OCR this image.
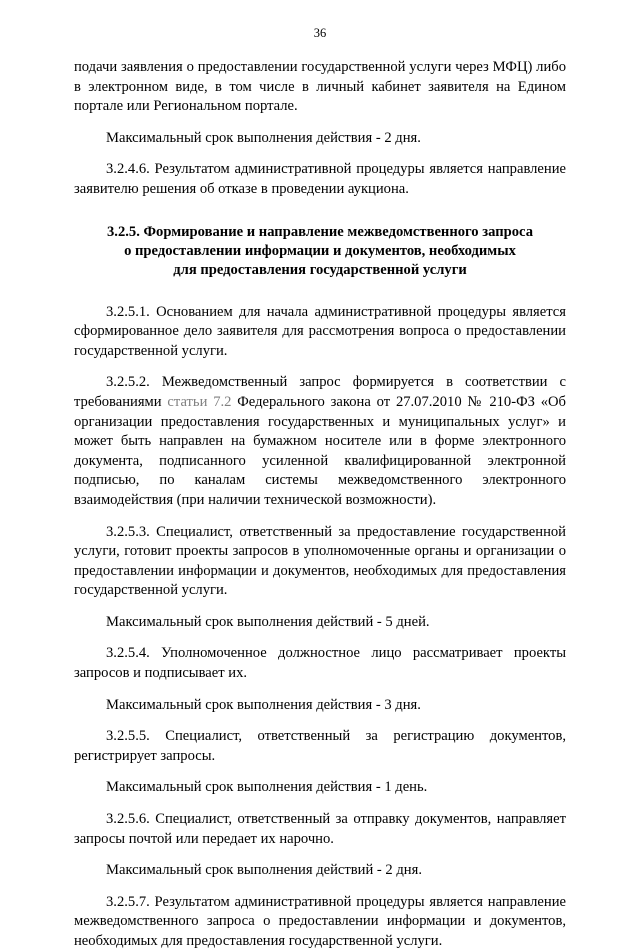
36

подачи заявления о предоставлении государственной услуги через МФЦ) либо в электронном виде, в том числе в личный кабинет заявителя на Едином портале или Региональном портале.

Максимальный срок выполнения действия - 2 дня.

3.2.4.6. Результатом административной процедуры является направление заявителю решения об отказе в проведении аукциона.

3.2.5. Формирование и направление межведомственного запроса
о предоставлении информации и документов, необходимых
для предоставления государственной услуги

3.2.5.1. Основанием для начала административной процедуры является сформированное дело заявителя для рассмотрения вопроса о предоставлении государственной услуги.

3.2.5.2. Межведомственный запрос формируется в соответствии с требованиями статьи 7.2 Федерального закона от 27.07.2010 № 210-ФЗ «Об организации предоставления государственных и муниципальных услуг» и может быть направлен на бумажном носителе или в форме электронного документа, подписанного усиленной квалифицированной электронной подписью, по каналам системы межведомственного электронного взаимодействия (при наличии технической возможности).

3.2.5.3. Специалист, ответственный за предоставление государственной услуги, готовит проекты запросов в уполномоченные органы и организации о предоставлении информации и документов, необходимых для предоставления государственной услуги.

Максимальный срок выполнения действий - 5 дней.

3.2.5.4. Уполномоченное должностное лицо рассматривает проекты запросов и подписывает их.

Максимальный срок выполнения действия - 3 дня.

3.2.5.5. Специалист, ответственный за регистрацию документов, регистрирует запросы.

Максимальный срок выполнения действия - 1 день.

3.2.5.6. Специалист, ответственный за отправку документов, направляет запросы почтой или передает их нарочно.

Максимальный срок выполнения действий - 2 дня.

3.2.5.7. Результатом административной процедуры является направление межведомственного запроса о предоставлении информации и документов, необходимых для предоставления государственной услуги.
